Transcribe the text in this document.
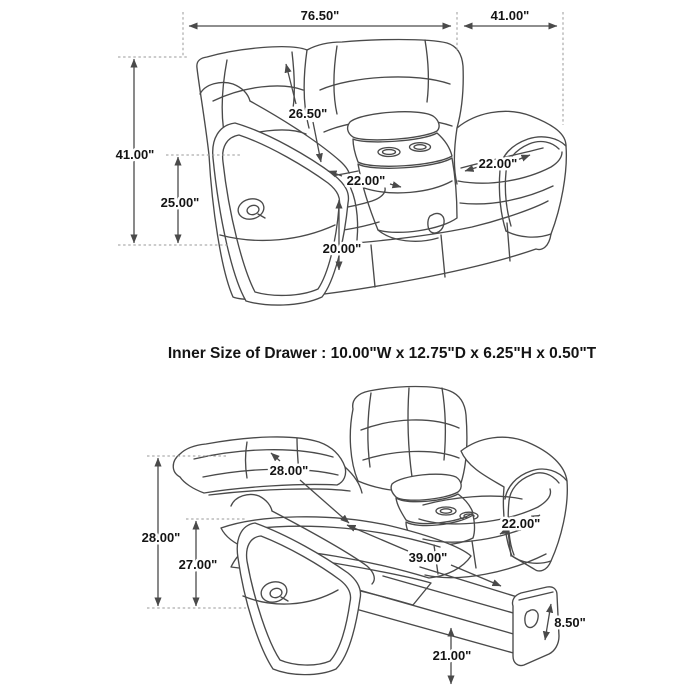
76.50"	41.00"
41.00"
25.00"
26.50"
22.00"
22.00"
20.00"
Inner Size of Drawer : 10.00"W x 12.75"D x 6.25"H x 0.50"T
28.00"
27.00"
28.00"
22.00"
39.00"
8.50"
21.00"
